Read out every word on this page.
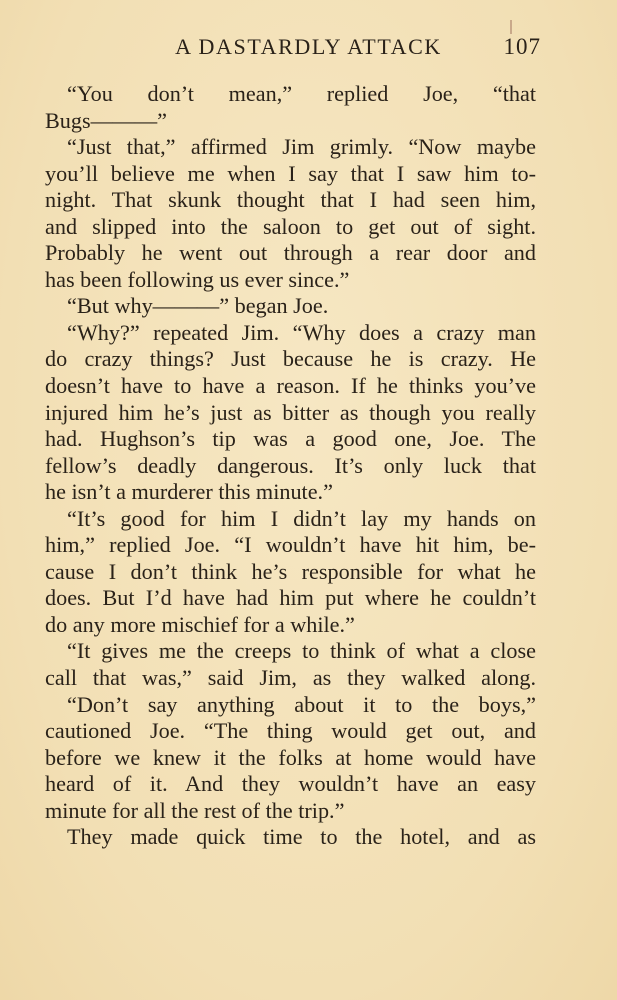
A DASTARDLY ATTACK	107
“You don’t mean,” replied Joe, “that
Bugs———”
“Just that,” affirmed Jim grimly. “Now maybe
you’ll believe me when I say that I saw him to-
night. That skunk thought that I had seen him,
and slipped into the saloon to get out of sight.
Probably he went out through a rear door and
has been following us ever since.”
“But why———” began Joe.
“Why?” repeated Jim. “Why does a crazy man
do crazy things? Just because he is crazy. He
doesn’t have to have a reason. If he thinks you’ve
injured him he’s just as bitter as though you really
had. Hughson’s tip was a good one, Joe. The
fellow’s deadly dangerous. It’s only luck that
he isn’t a murderer this minute.”
“It’s good for him I didn’t lay my hands on
him,” replied Joe. “I wouldn’t have hit him, be-
cause I don’t think he’s responsible for what he
does. But I’d have had him put where he couldn’t
do any more mischief for a while.”
“It gives me the creeps to think of what a close
call that was,” said Jim, as they walked along.
“Don’t say anything about it to the boys,”
cautioned Joe. “The thing would get out, and
before we knew it the folks at home would have
heard of it. And they wouldn’t have an easy
minute for all the rest of the trip.”
They made quick time to the hotel, and as
